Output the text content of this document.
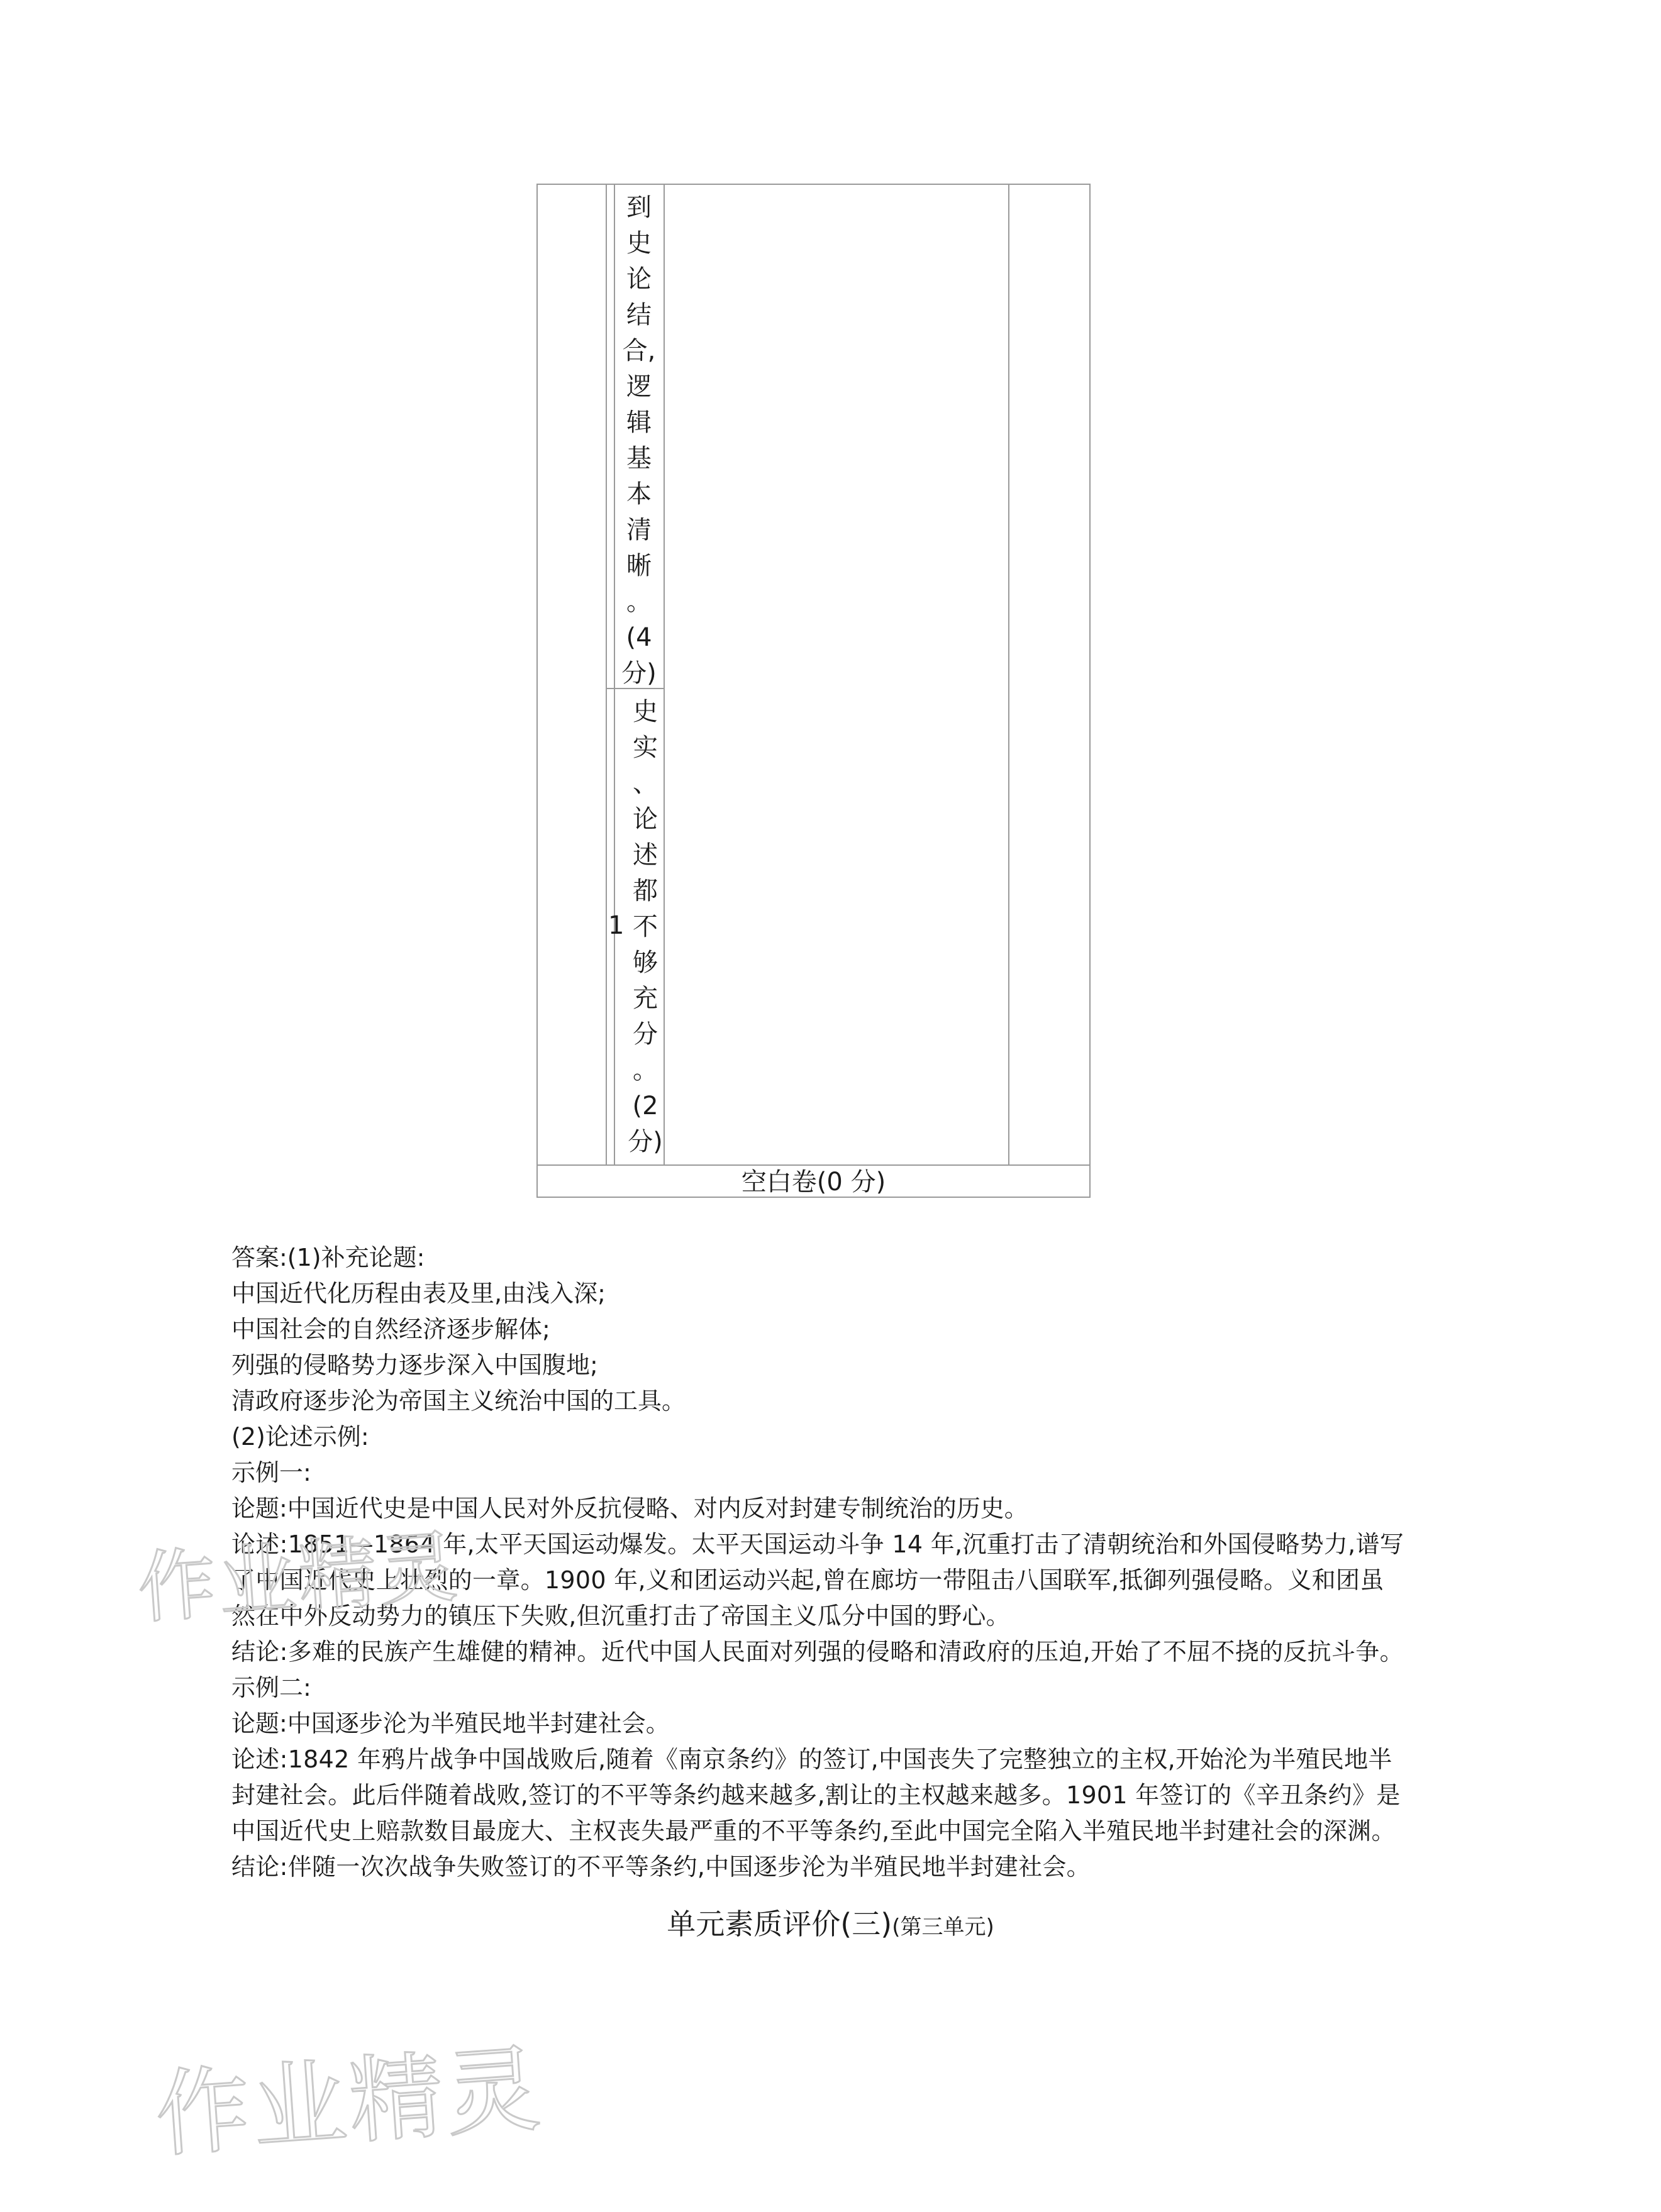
到
史
论
结
合,
逻
辑
基
本
清
晰
。
(4
分)
史
实
、
论
述
都
不
够
充
分
。
(2
分)
1
空白卷(0 分)
答案:(1)补充论题:
中国近代化历程由表及里,由浅入深;
中国社会的自然经济逐步解体;
列强的侵略势力逐步深入中国腹地;
清政府逐步沦为帝国主义统治中国的工具。
(2)论述示例:
示例一:
论题:中国近代史是中国人民对外反抗侵略、对内反对封建专制统治的历史。
论述:1851—1864 年,太平天国运动爆发。太平天国运动斗争 14 年,沉重打击了清朝统治和外国侵略势力,谱写了中国近代史上壮烈的一章。1900 年,义和团运动兴起,曾在廊坊一带阻击八国联军,抵御列强侵略。义和团虽然在中外反动势力的镇压下失败,但沉重打击了帝国主义瓜分中国的野心。
结论:多难的民族产生雄健的精神。近代中国人民面对列强的侵略和清政府的压迫,开始了不屈不挠的反抗斗争。
示例二:
论题:中国逐步沦为半殖民地半封建社会。
论述:1842 年鸦片战争中国战败后,随着《南京条约》的签订,中国丧失了完整独立的主权,开始沦为半殖民地半封建社会。此后伴随着战败,签订的不平等条约越来越多,割让的主权越来越多。1901 年签订的《辛丑条约》是中国近代史上赔款数目最庞大、主权丧失最严重的不平等条约,至此中国完全陷入半殖民地半封建社会的深渊。
结论:伴随一次次战争失败签订的不平等条约,中国逐步沦为半殖民地半封建社会。
单元素质评价(三)(第三单元)
作业精灵
作业精灵
